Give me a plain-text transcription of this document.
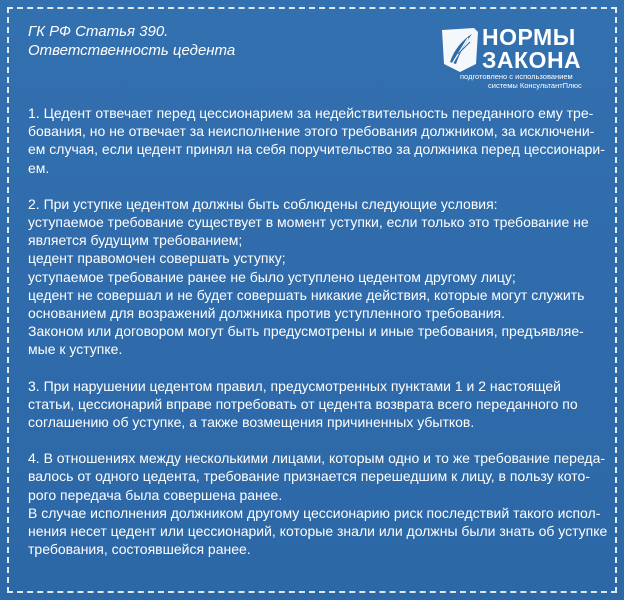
ГК РФ Статья 390.
Ответственность цедента
НОРМЫ
ЗАКОНА
подготовлено с использованием
системы КонсультантПлюс

1. Цедент отвечает перед цессионарием за недействительность переданного ему тре-
бования, но не отвечает за неисполнение этого требования должником, за исключени-
ем случая, если цедент принял на себя поручительство за должника перед цессионари-
ем.

2. При уступке цедентом должны быть соблюдены следующие условия:
уступаемое требование существует в момент уступки, если только это требование не
является будущим требованием;
цедент правомочен совершать уступку;
уступаемое требование ранее не было уступлено цедентом другому лицу;
цедент не совершал и не будет совершать никакие действия, которые могут служить
основанием для возражений должника против уступленного требования.
Законом или договором могут быть предусмотрены и иные требования, предъявляе-
мые к уступке.

3. При нарушении цедентом правил, предусмотренных пунктами 1 и 2 настоящей
статьи, цессионарий вправе потребовать от цедента возврата всего переданного по
соглашению об уступке, а также возмещения причиненных убытков.

4. В отношениях между несколькими лицами, которым одно и то же требование переда-
валось от одного цедента, требование признается перешедшим к лицу, в пользу кото-
рого передача была совершена ранее.
В случае исполнения должником другому цессионарию риск последствий такого испол-
нения несет цедент или цессионарий, которые знали или должны были знать об уступке
требования, состоявшейся ранее.
